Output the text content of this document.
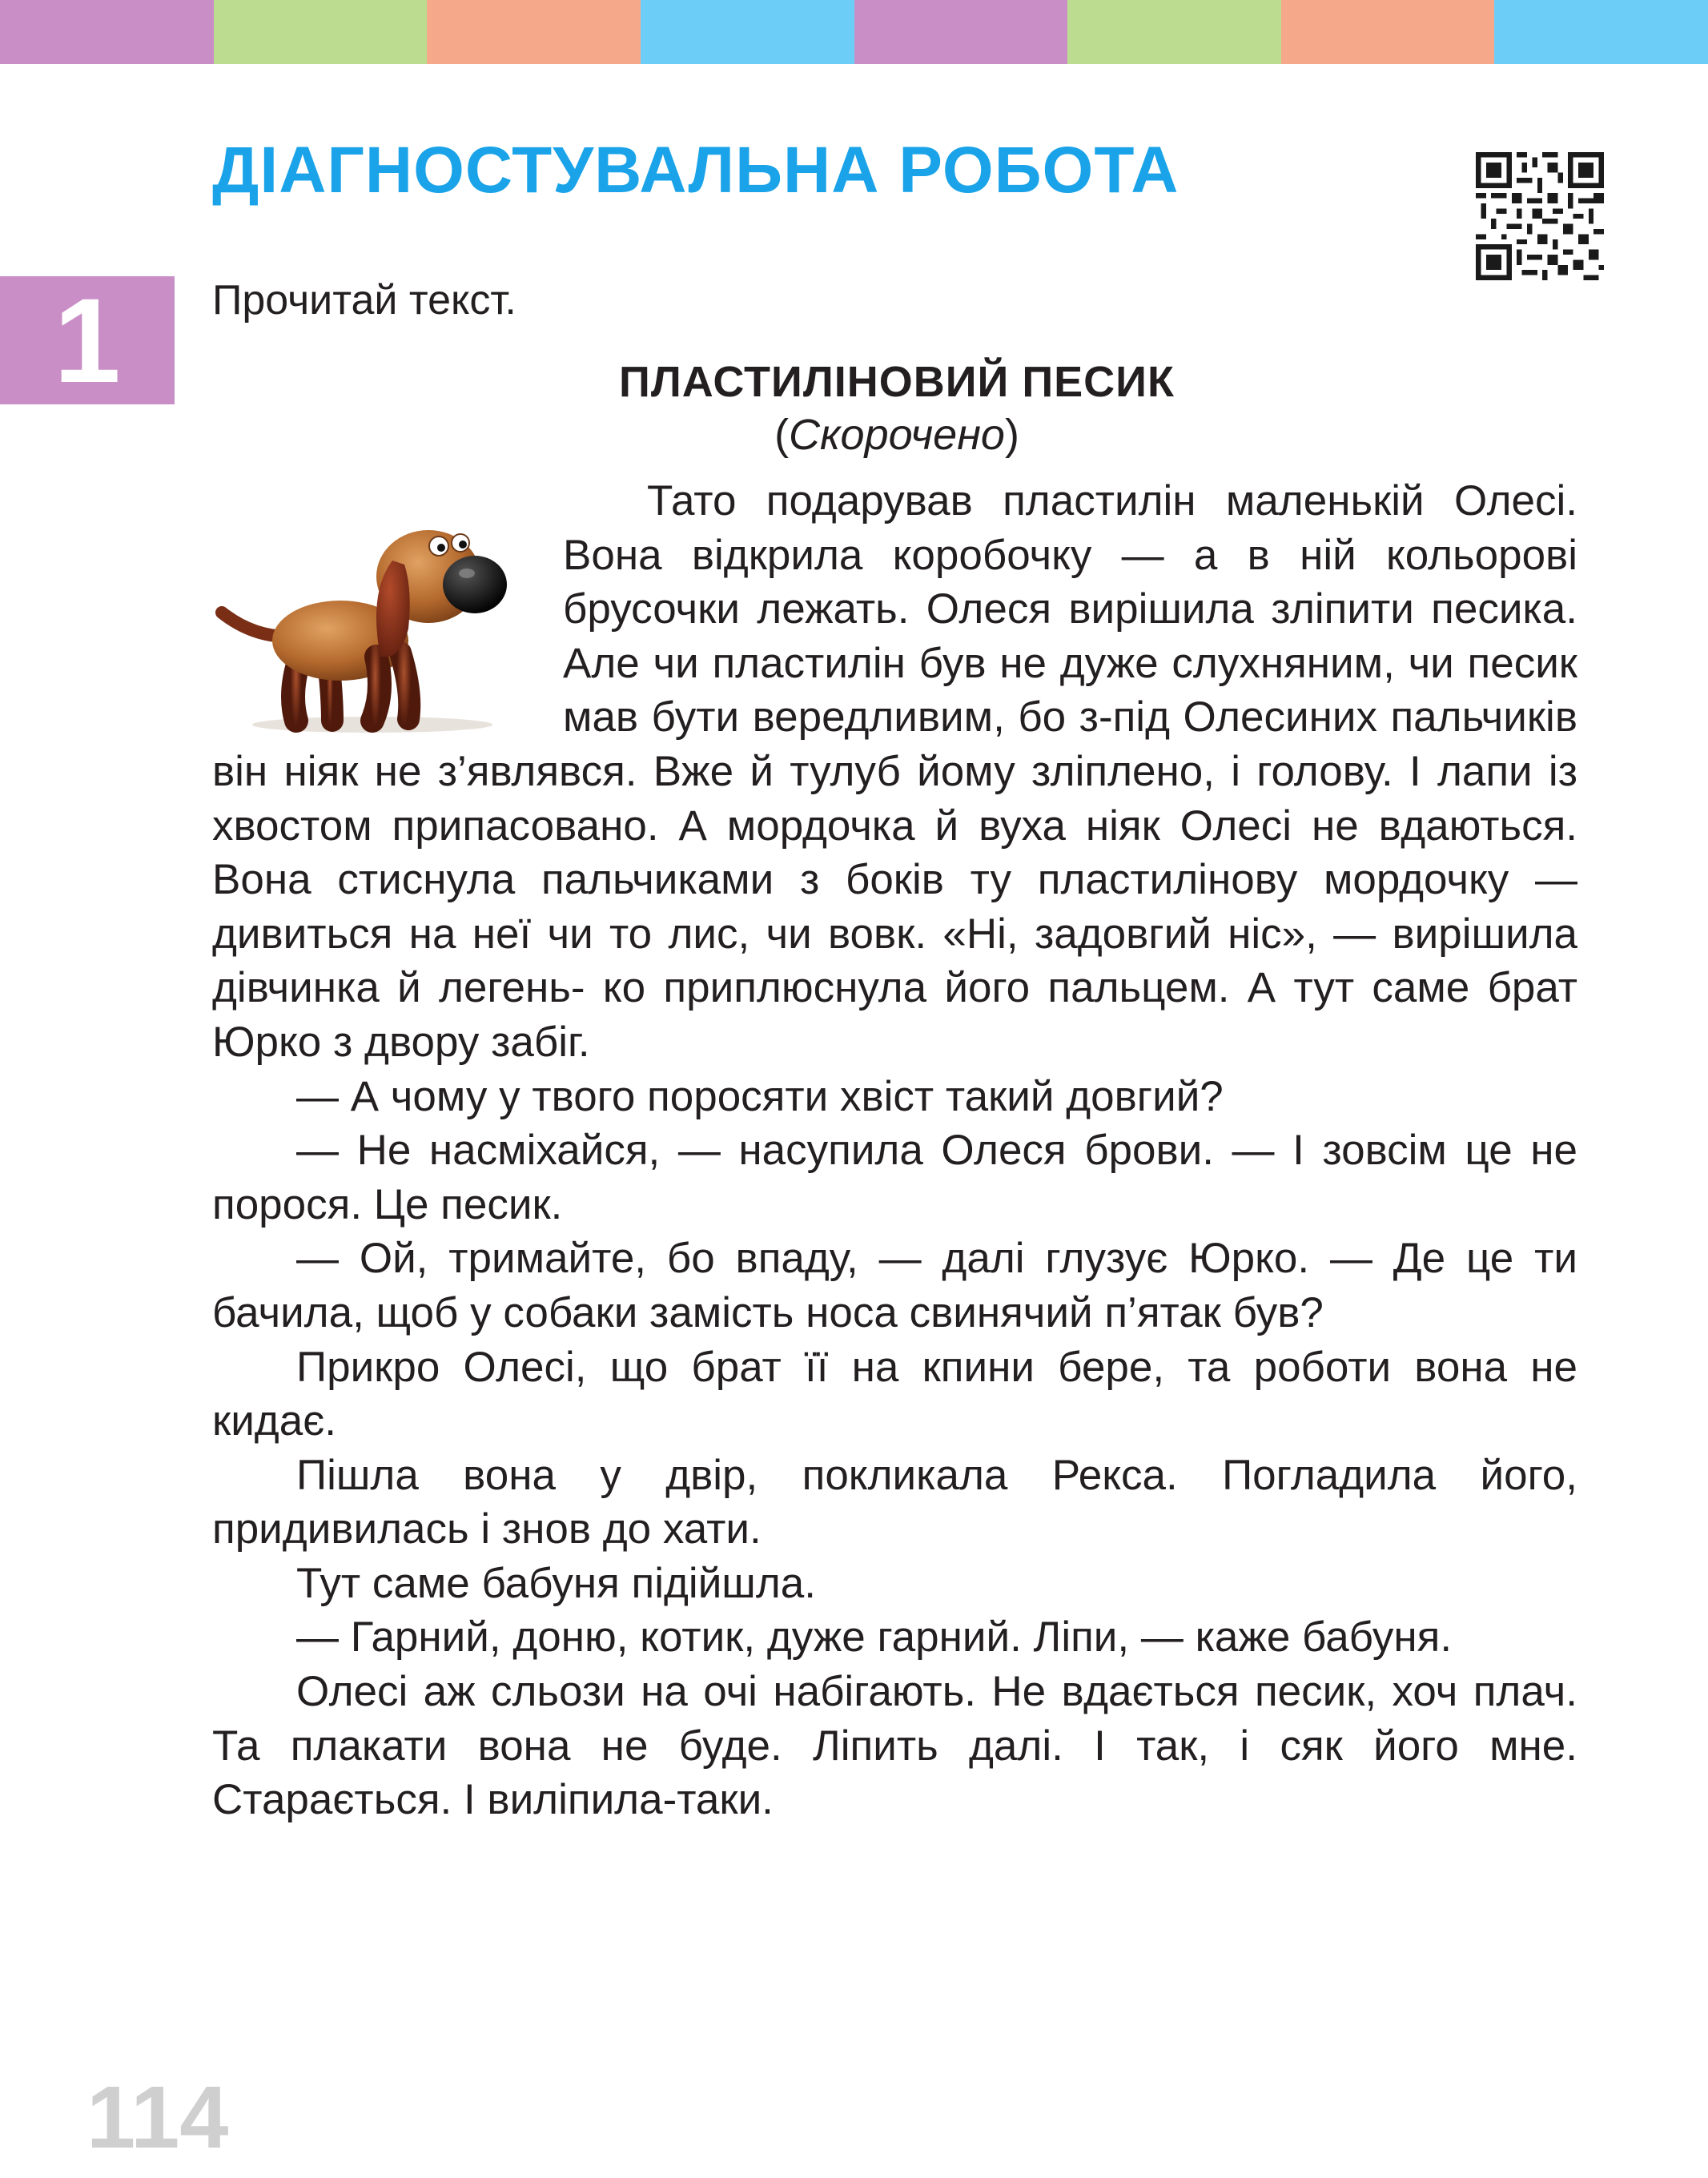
ДІАГНОСТУВАЛЬНА РОБОТА
1 Прочитай текст.

ПЛАСТИЛІНОВИЙ ПЕСИК

(Скорочено)

Тато подарував пластилін маленькій Олесі. Вона відкрила коробочку — а в ній кольорові брусочки лежать. Олеся вирішила зліпити песика. Але чи пластилін був не дуже слухняним, чи песик мав бути вередливим, бо з-під Олесиних пальчиків він ніяк не з’являвся. Вже й тулуб йому зліплено, і голову. І лапи із хвостом припасовано. А мордочка й вуха ніяк Олесі не вдаються. Вона стиснула пальчиками з боків ту пластилінову мордочку — дивиться на неї чи то лис, чи вовк. «Ні, задовгий ніс», — вирішила дівчинка й легень- ко приплюснула його пальцем. А тут саме брат Юрко з двору забіг.

— А чому у твого поросяти хвіст такий довгий?

— Не насміхайся, — насупила Олеся брови. — І зовсім це не порося. Це песик.

— Ой, тримайте, бо впаду, — далі глузує Юрко. — Де це ти бачила, щоб у собаки замість носа свинячий п’ятак був?

Прикро Олесі, що брат її на кпини бере, та роботи вона не кидає.

Пішла вона у двір, покликала Рекса. Погладила його, придивилась і знов до хати.

Тут саме бабуня підійшла.

— Гарний, доню, котик, дуже гарний. Ліпи, — каже бабуня.

Олесі аж сльози на очі набігають. Не вдається песик, хоч плач. Та плакати вона не буде. Ліпить далі. І так, і сяк його мне. Старається. І виліпила-таки.

114
